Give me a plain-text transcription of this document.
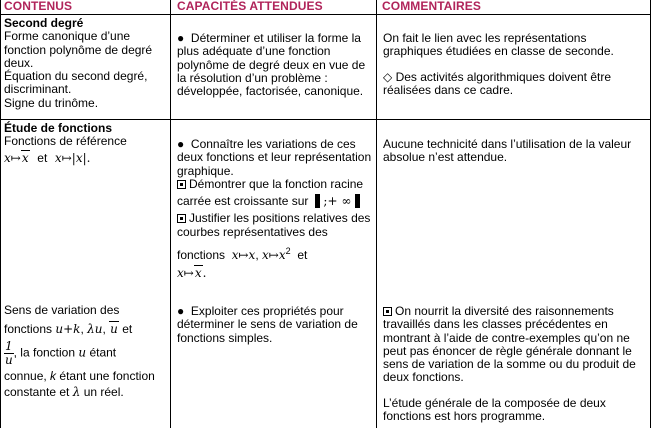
CONTENUS	CAPACITÉS ATTENDUES	COMMENTAIRES

Second degré

Forme canonique d’une

fonction polynôme de degré

deux.

Équation du second degré,

discriminant.

Signe du trinôme.

● Déterminer et utiliser la forme la

plus adéquate d’une fonction

polynôme de degré deux en vue de

la résolution d’un problème :

développée, factorisée, canonique.

On fait le lien avec les représentations

graphiques étudiées en classe de seconde.

◇ Des activités algorithmiques doivent être

réalisées dans ce cadre.

Étude de fonctions

Fonctions de référence

x↦x et x↦|x|.

● Connaître les variations de ces

deux fonctions et leur représentation

graphique.

Démontrer que la fonction racine

carrée est croissante sur ;+ ∞

Justifier les positions relatives des

courbes représentatives des

fonctions x↦x, $x↦x^2$ et

x↦x.

Aucune technicité dans l’utilisation de la valeur

absolue n’est attendue.

Sens de variation des

fonctions u+k, λu, u et

$\frac{1}{u}$ , la fonction u étant

connue, k étant une fonction

constante et λ un réel.

● Exploiter ces propriétés pour

déterminer le sens de variation de

fonctions simples.

On nourrit la diversité des raisonnements

travaillés dans les classes précédentes en

montrant à l’aide de contre-exemples qu’on ne

peut pas énoncer de règle générale donnant le

sens de variation de la somme ou du produit de

deux fonctions.

L’étude générale de la composée de deux

fonctions est hors programme.
